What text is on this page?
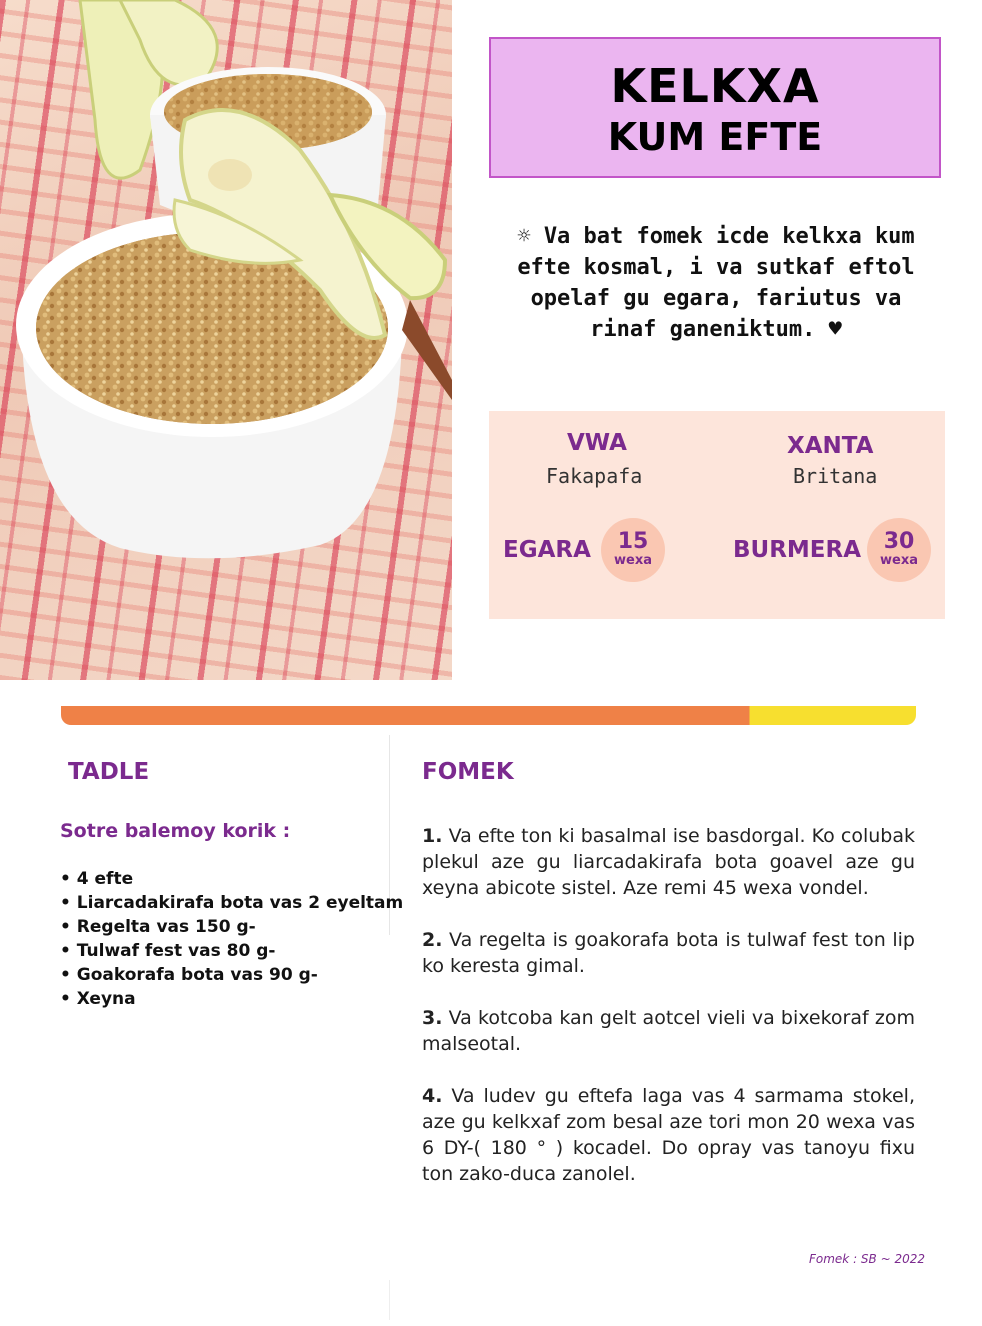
KELKXA
KUM EFTE
☼ Va bat fomek icde kelkxa kum efte kosmal, i va sutkaf eftol opelaf gu egara, fariutus va rinaf ganeniktum. ♥
VWA
Fakapafa
XANTA
Britana
EGARA	15
wexa	BURMERA	30
wexa
TADLE
Sotre balemoy korik :
• 4 efte
• Liarcadakirafa bota vas 2 eyeltam
• Regelta vas 150 g-
• Tulwaf fest vas 80 g-
• Goakorafa bota vas 90 g-
• Xeyna
FOMEK

1. Va efte ton ki basalmal ise basdorgal. Ko colubak plekul aze gu liarcadakirafa bota goavel aze gu xeyna abicote sistel. Aze remi 45 wexa vondel.

2. Va regelta is goakorafa bota is tulwaf fest ton lip ko keresta gimal.

3. Va kotcoba kan gelt aotcel vieli va bixekoraf zom malseotal.

4. Va ludev gu eftefa laga vas 4 sarmama stokel, aze gu kelkxaf zom besal aze tori mon 20 wexa vas 6 DY-( 180 ° ) kocadel. Do opray vas tanoyu fixu ton zako-duca zanolel.

Fomek : SB ~ 2022
